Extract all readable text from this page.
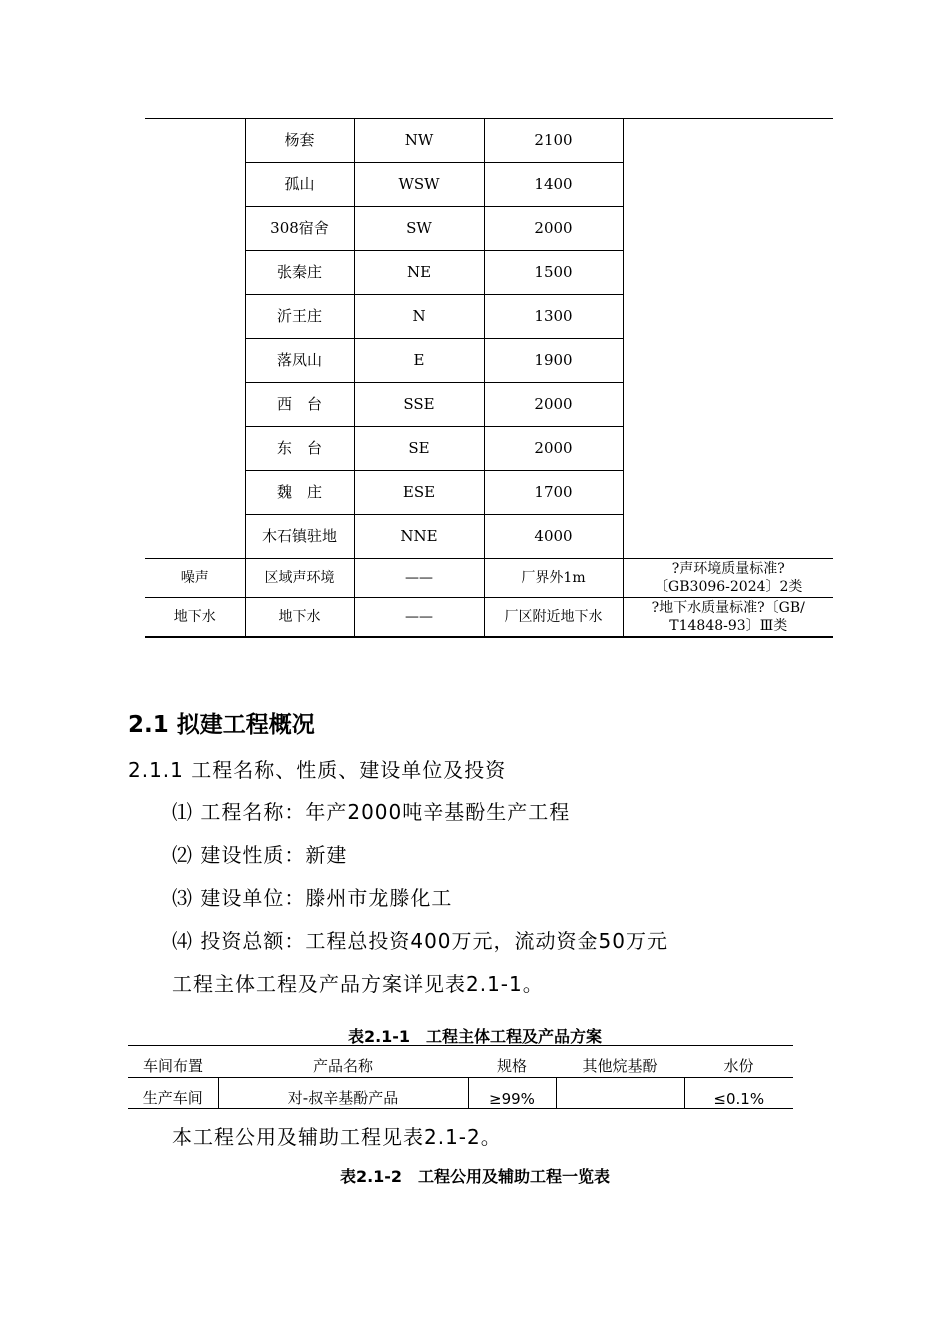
	杨套	NW	2100	
	孤山	WSW	1400	
	308宿舍	SW	2000	
	张秦庄	NE	1500	
	沂王庄	N	1300	
	落凤山	E	1900	
	西　台	SSE	2000	
	东　台	SE	2000	
	魏　庄	ESE	1700	
	木石镇驻地	NNE	4000	
噪声	区域声环境	——	厂界外1m	?声环境质量标准?
〔GB3096-2024〕2类

地下水	地下水	——	厂区附近地下水	?地下水质量标准?〔GB/
T14848-93〕Ⅲ类
2.1 拟建工程概况
2.1.1 工程名称、性质、建设单位及投资
⑴ 工程名称：年产2000吨辛基酚生产工程
⑵ 建设性质：新建
⑶ 建设单位：滕州市龙滕化工
⑷ 投资总额：工程总投资400万元，流动资金50万元
工程主体工程及产品方案详见表2.1-1。
表2.1-1　工程主体工程及产品方案
车间布置	产品名称	规格	其他烷基酚	水份
生产车间	对-叔辛基酚产品	≥99%		≤0.1%
本工程公用及辅助工程见表2.1-2。
表2.1-2　工程公用及辅助工程一览表
